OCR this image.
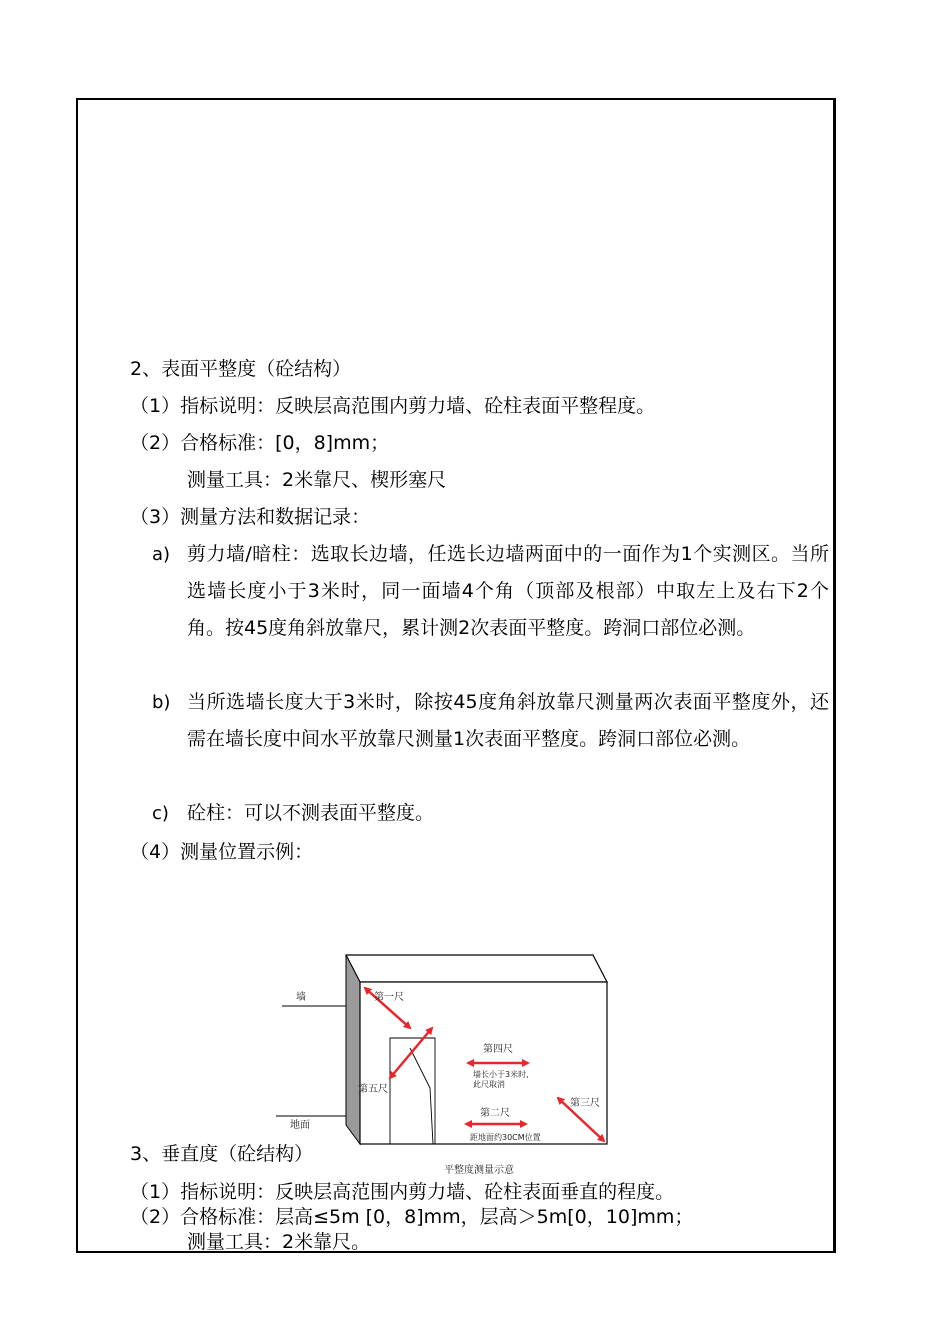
2、表面平整度（砼结构）
（1）指标说明：反映层高范围内剪力墙、砼柱表面平整程度。
（2）合格标准：[0，8]mm；
测量工具：2米靠尺、楔形塞尺
（3）测量方法和数据记录：
a) 剪力墙/暗柱：选取长边墙，任选长边墙两面中的一面作为1个实测区。当所选墙长度小于3米时，同一面墙4个角（顶部及根部）中取左上及右下2个角。按45度角斜放靠尺，累计测2次表面平整度。跨洞口部位必测。
b) 当所选墙长度大于3米时，除按45度角斜放靠尺测量两次表面平整度外，还需在墙长度中间水平放靠尺测量1次表面平整度。跨洞口部位必测。
c) 砼柱：可以不测表面平整度。
（4）测量位置示例：
墙
地面
第一尺
第五尺
第四尺
墙长小于3米时,
此尺取消
第二尺
距地面约30CM位置
第三尺
平整度测量示意
3、垂直度（砼结构）
（1）指标说明：反映层高范围内剪力墙、砼柱表面垂直的程度。
（2）合格标准：层高≤5m [0，8]mm，层高＞5m[0，10]mm；
测量工具：2米靠尺。
